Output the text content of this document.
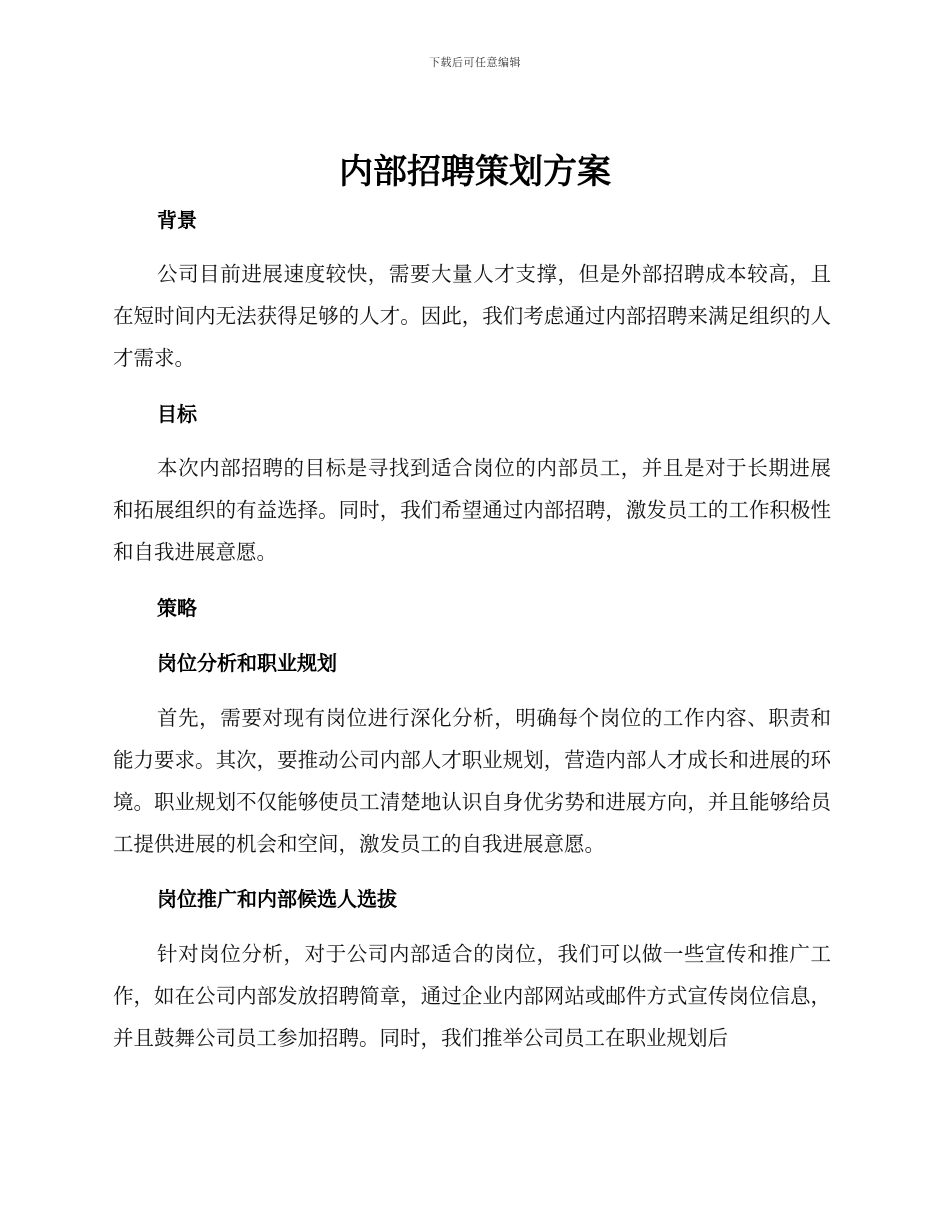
下载后可任意编辑
内部招聘策划方案
背景

公司目前进展速度较快，需要大量人才支撑，但是外部招聘成本较高，且在短时间内无法获得足够的人才。因此，我们考虑通过内部招聘来满足组织的人才需求。

目标

本次内部招聘的目标是寻找到适合岗位的内部员工，并且是对于长期进展和拓展组织的有益选择。同时，我们希望通过内部招聘，激发员工的工作积极性和自我进展意愿。

策略
岗位分析和职业规划

首先，需要对现有岗位进行深化分析，明确每个岗位的工作内容、职责和能力要求。其次，要推动公司内部人才职业规划，营造内部人才成长和进展的环境。职业规划不仅能够使员工清楚地认识自身优劣势和进展方向，并且能够给员工提供进展的机会和空间，激发员工的自我进展意愿。

岗位推广和内部候选人选拔

针对岗位分析，对于公司内部适合的岗位，我们可以做一些宣传和推广工作，如在公司内部发放招聘简章，通过企业内部网站或邮件方式宣传岗位信息，并且鼓舞公司员工参加招聘。同时，我们推举公司员工在职业规划后
